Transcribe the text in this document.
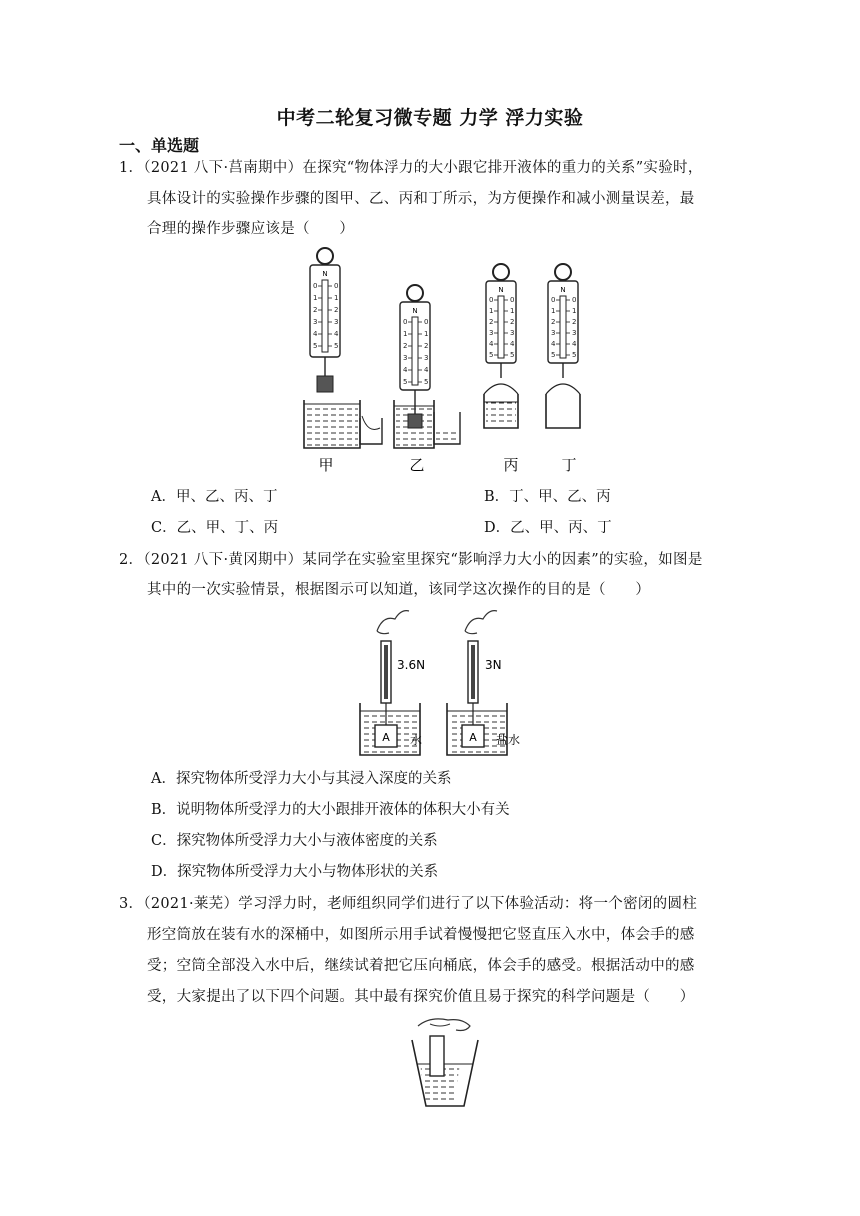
中考二轮复习微专题 力学 浮力实验
一、单选题
1．（2021 八下·莒南期中）在探究“物体浮力的大小跟它排开液体的重力的关系”实验时，
具体设计的实验操作步骤的图甲、乙、丙和丁所示，为方便操作和减小测量误差，最
合理的操作步骤应该是（　　）
N
0 0
1 1
2 2
3 3
4 4
5 5
N
0 0
1 1
2 2
3 3
4 4
5 5
N
0 0
1 1
2 2
3 3
4 4
5 5
N
0 0
1 1
2 2
3 3
4 4
5 5
甲	乙	丙	丁
A．甲、乙、丙、丁	B．丁、甲、乙、丙
C．乙、甲、丁、丙	D．乙、甲、丙、丁
2．（2021 八下·黄冈期中）某同学在实验室里探究“影响浮力大小的因素”的实验，如图是
其中的一次实验情景，根据图示可以知道，该同学这次操作的目的是（　　）
3.6N
A 水
3N
A 盐水
A．探究物体所受浮力大小与其浸入深度的关系
B．说明物体所受浮力的大小跟排开液体的体积大小有关
C．探究物体所受浮力大小与液体密度的关系
D．探究物体所受浮力大小与物体形状的关系
3．（2021·莱芜）学习浮力时，老师组织同学们进行了以下体验活动：将一个密闭的圆柱
形空筒放在装有水的深桶中，如图所示用手试着慢慢把它竖直压入水中，体会手的感
受；空筒全部没入水中后，继续试着把它压向桶底，体会手的感受。根据活动中的感
受，大家提出了以下四个问题。其中最有探究价值且易于探究的科学问题是（　　）
